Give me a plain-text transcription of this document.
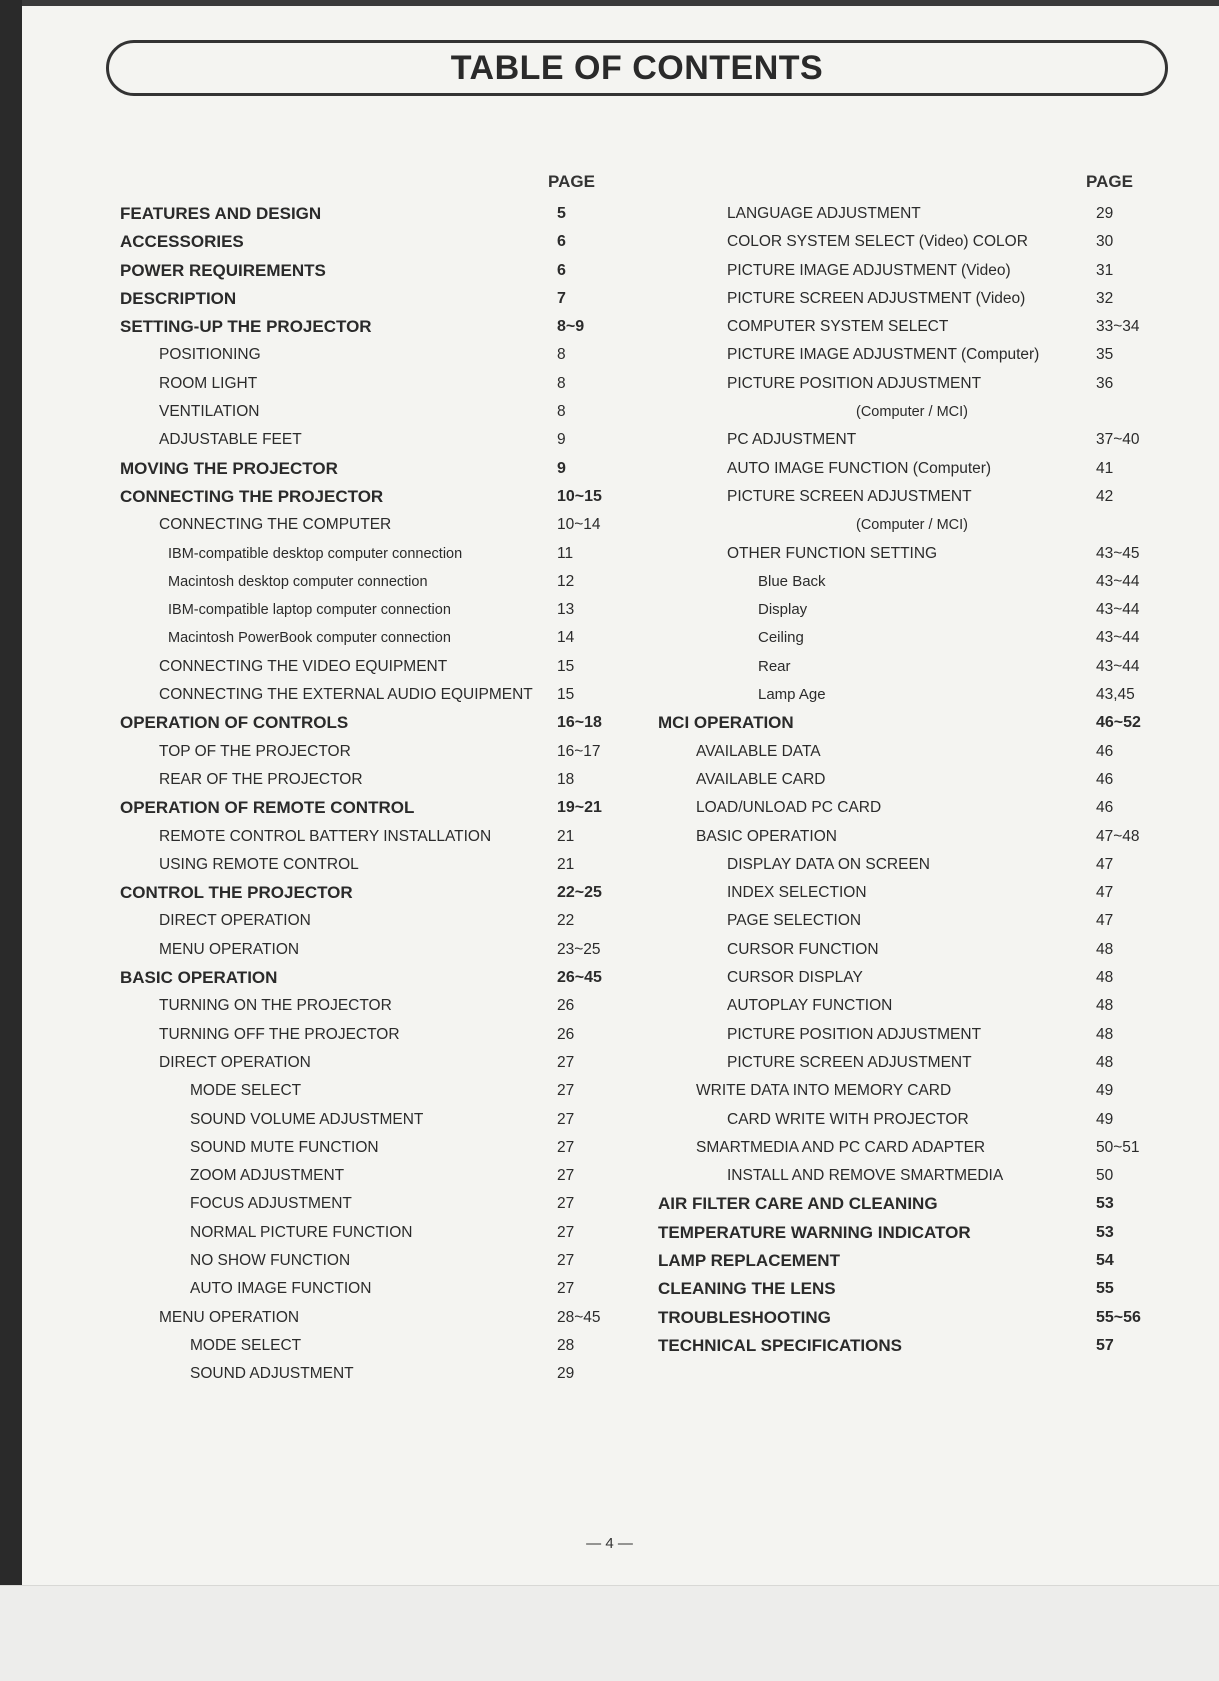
TABLE OF CONTENTS
PAGE
FEATURES AND DESIGN	5
ACCESSORIES	6
POWER REQUIREMENTS	6
DESCRIPTION	7
SETTING-UP THE PROJECTOR	8~9
POSITIONING	8
ROOM LIGHT	8
VENTILATION	8
ADJUSTABLE FEET	9
MOVING THE PROJECTOR	9
CONNECTING THE PROJECTOR	10~15
CONNECTING THE COMPUTER	10~14
IBM-compatible desktop computer connection	11
Macintosh desktop computer connection	12
IBM-compatible laptop computer connection	13
Macintosh PowerBook computer connection	14
CONNECTING THE VIDEO EQUIPMENT	15
CONNECTING THE EXTERNAL AUDIO EQUIPMENT 15
OPERATION OF CONTROLS	16~18
TOP OF THE PROJECTOR	16~17
REAR OF THE PROJECTOR	18
OPERATION OF REMOTE CONTROL	19~21
REMOTE CONTROL BATTERY INSTALLATION	21
USING REMOTE CONTROL	21
CONTROL THE PROJECTOR	22~25
DIRECT OPERATION	22
MENU OPERATION	23~25
BASIC OPERATION	26~45
TURNING ON THE PROJECTOR	26
TURNING OFF THE PROJECTOR	26
DIRECT OPERATION	27
MODE SELECT	27
SOUND VOLUME ADJUSTMENT	27
SOUND MUTE FUNCTION	27
ZOOM ADJUSTMENT	27
FOCUS ADJUSTMENT	27
NORMAL PICTURE FUNCTION	27
NO SHOW FUNCTION	27
AUTO IMAGE FUNCTION	27
MENU OPERATION	28~45
MODE SELECT	28
SOUND ADJUSTMENT	29
PAGE
LANGUAGE ADJUSTMENT	29
COLOR SYSTEM SELECT (Video) COLOR	30
PICTURE IMAGE ADJUSTMENT (Video)	31
PICTURE SCREEN ADJUSTMENT (Video)	32
COMPUTER SYSTEM SELECT	33~34
PICTURE IMAGE ADJUSTMENT (Computer)	35
PICTURE POSITION ADJUSTMENT	36
(Computer / MCI)
PC ADJUSTMENT	37~40
AUTO IMAGE FUNCTION (Computer)	41
PICTURE SCREEN ADJUSTMENT	42
(Computer / MCI)
OTHER FUNCTION SETTING	43~45
Blue Back	43~44
Display	43~44
Ceiling	43~44
Rear	43~44
Lamp Age	43,45
MCI OPERATION	46~52
AVAILABLE DATA	46
AVAILABLE CARD	46
LOAD/UNLOAD PC CARD	46
BASIC OPERATION	47~48
DISPLAY DATA ON SCREEN	47
INDEX SELECTION	47
PAGE SELECTION	47
CURSOR FUNCTION	48
CURSOR DISPLAY	48
AUTOPLAY FUNCTION	48
PICTURE POSITION ADJUSTMENT	48
PICTURE SCREEN ADJUSTMENT	48
WRITE DATA INTO MEMORY CARD	49
CARD WRITE WITH PROJECTOR	49
SMARTMEDIA AND PC CARD ADAPTER	50~51
INSTALL AND REMOVE SMARTMEDIA	50
AIR FILTER CARE AND CLEANING	53
TEMPERATURE WARNING INDICATOR	53
LAMP REPLACEMENT	54
CLEANING THE LENS	55
TROUBLESHOOTING	55~56
TECHNICAL SPECIFICATIONS	57
— 4 —
